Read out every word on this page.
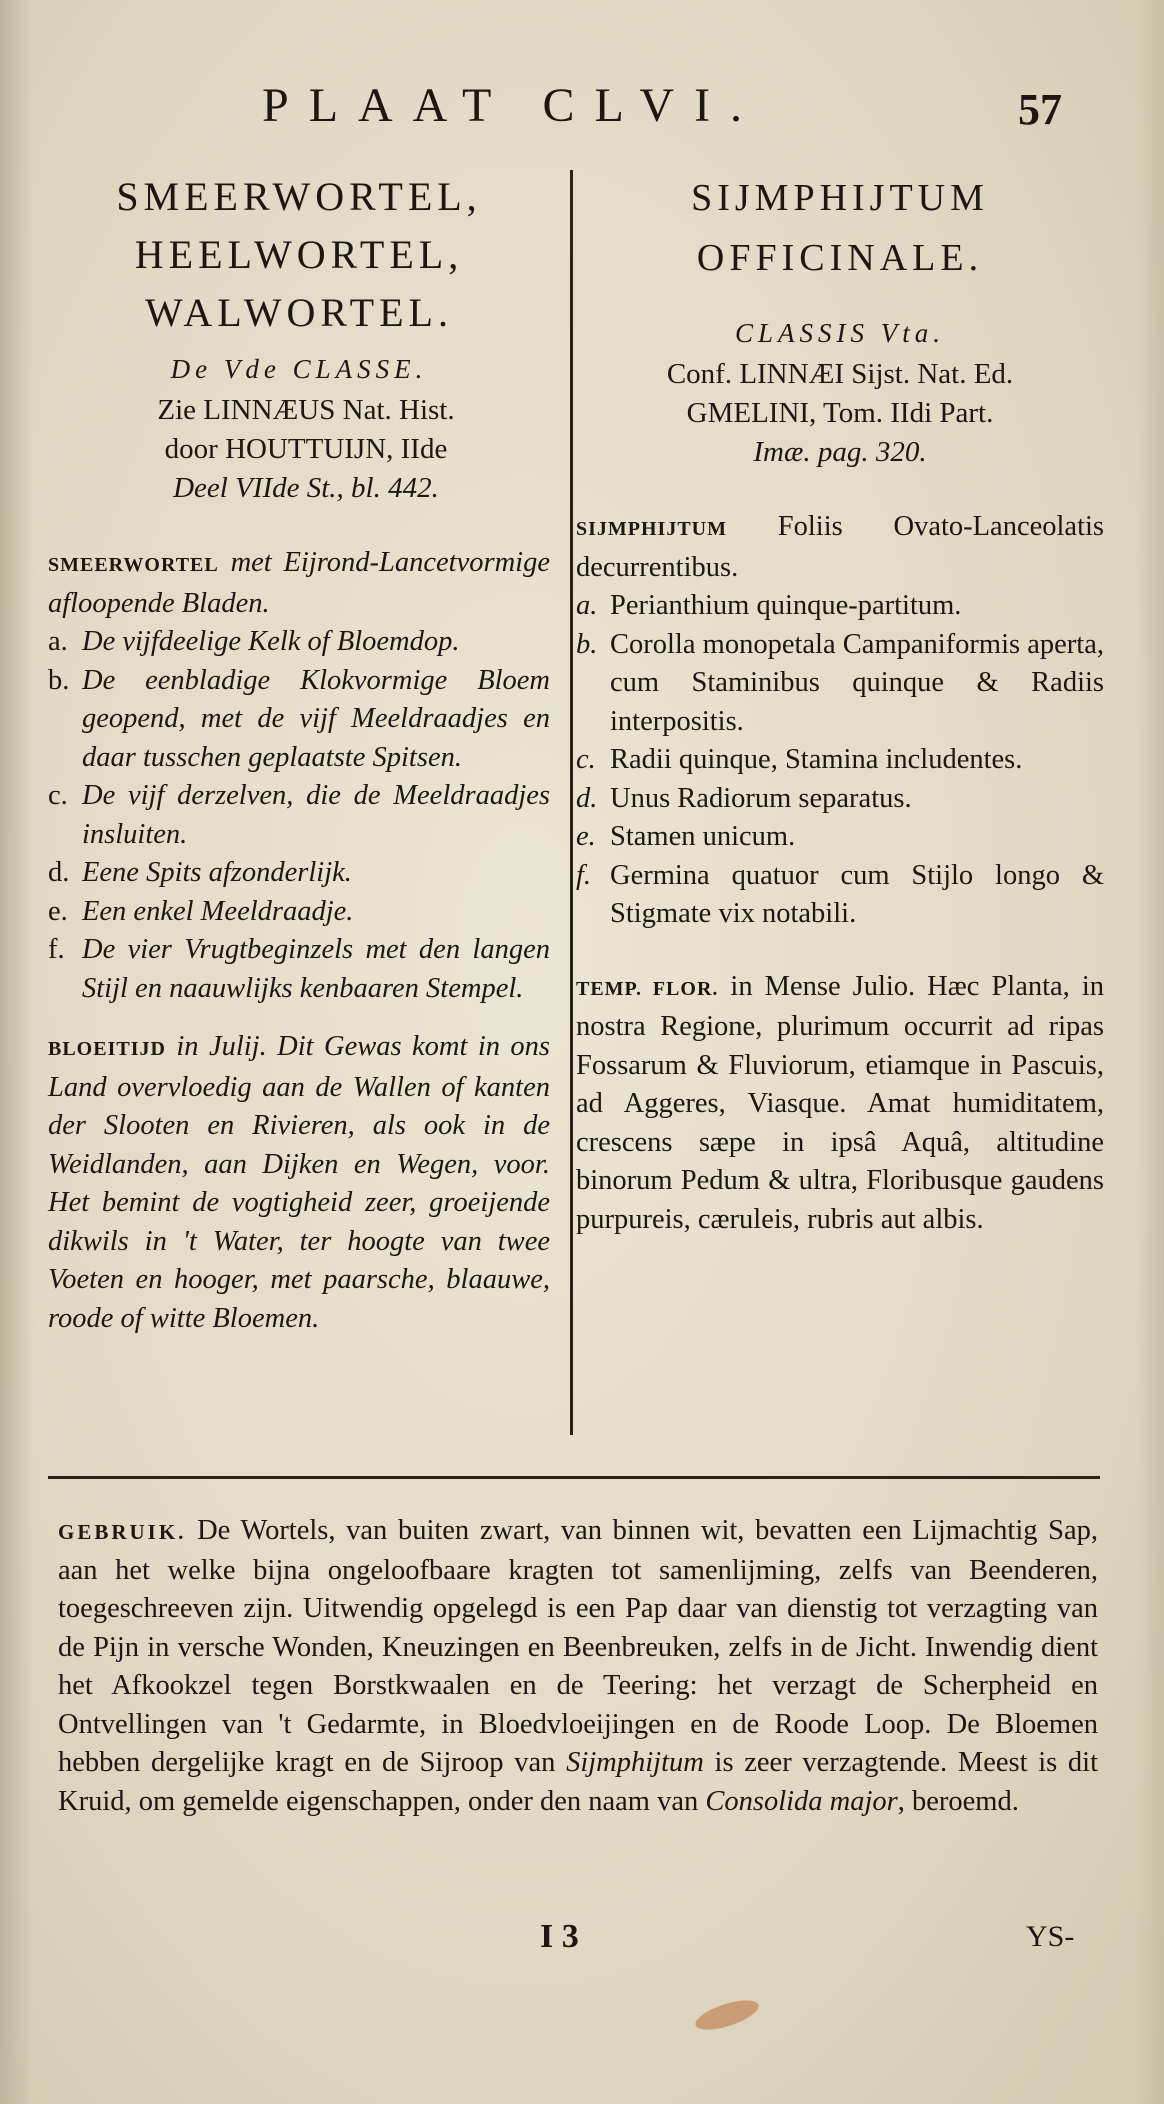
PLAAT CLVI.	57
SMEERWORTEL,
HEELWORTEL,
WALWORTEL.
De Vde CLASSE.
Zie LINNÆUS Nat. Hist.
door HOUTTUIJN, IIde
Deel VIIde St., bl. 442.
SMEERWORTEL met Eijrond-Lancetvormige afloopende Bladen.
a. De vijfdeelige Kelk of Bloemdop.
b. De eenbladige Klokvormige Bloem geopend, met de vijf Meeldraadjes en daar tusschen geplaatste Spitsen.
c. De vijf derzelven, die de Meeldraadjes insluiten.
d. Eene Spits afzonderlijk.
e. Een enkel Meeldraadje.
f. De vier Vrugtbeginzels met den langen Stijl en naauwlijks kenbaaren Stempel.
BLOEITIJD in Julij. Dit Gewas komt in ons Land overvloedig aan de Wallen of kanten der Slooten en Rivieren, als ook in de Weidlanden, aan Dijken en Wegen, voor. Het bemint de vogtigheid zeer, groeijende dikwils in 't Water, ter hoogte van twee Voeten en hooger, met paarsche, blaauwe, roode of witte Bloemen.
SIJMPHIJTUM
OFFICINALE.
CLASSIS Vta.
Conf. LINNÆI Sijst. Nat. Ed.
GMELINI, Tom. IIdi Part.
Imæ. pag. 320.
SIJMPHIJTUM Foliis Ovato-Lanceolatis decurrentibus.
a. Perianthium quinque-partitum.
b. Corolla monopetala Campaniformis aperta, cum Staminibus quinque & Radiis interpositis.
c. Radii quinque, Stamina includentes.
d. Unus Radiorum separatus.
e. Stamen unicum.
f. Germina quatuor cum Stijlo longo & Stigmate vix notabili.
TEMP. FLOR. in Mense Julio. Hæc Planta, in nostra Regione, plurimum occurrit ad ripas Fossarum & Fluviorum, etiamque in Pascuis, ad Aggeres, Viasque. Amat humiditatem, crescens sæpe in ipsâ Aquâ, altitudine binorum Pedum & ultra, Floribusque gaudens purpureis, cæruleis, rubris aut albis.
GEBRUIK. De Wortels, van buiten zwart, van binnen wit, bevatten een Lijmachtig Sap, aan het welke bijna ongeloofbaare kragten tot samenlijming, zelfs van Beenderen, toegeschreeven zijn. Uitwendig opgelegd is een Pap daar van dienstig tot verzagting van de Pijn in versche Wonden, Kneuzingen en Beenbreuken, zelfs in de Jicht. Inwendig dient het Afkookzel tegen Borstkwaalen en de Teering: het verzagt de Scherpheid en Ontvellingen van 't Gedarmte, in Bloedvloeijingen en de Roode Loop. De Bloemen hebben dergelijke kragt en de Sijroop van Sijmphijtum is zeer verzagtende. Meest is dit Kruid, om gemelde eigenschappen, onder den naam van Consolida major, beroemd.
I 3	YS-
